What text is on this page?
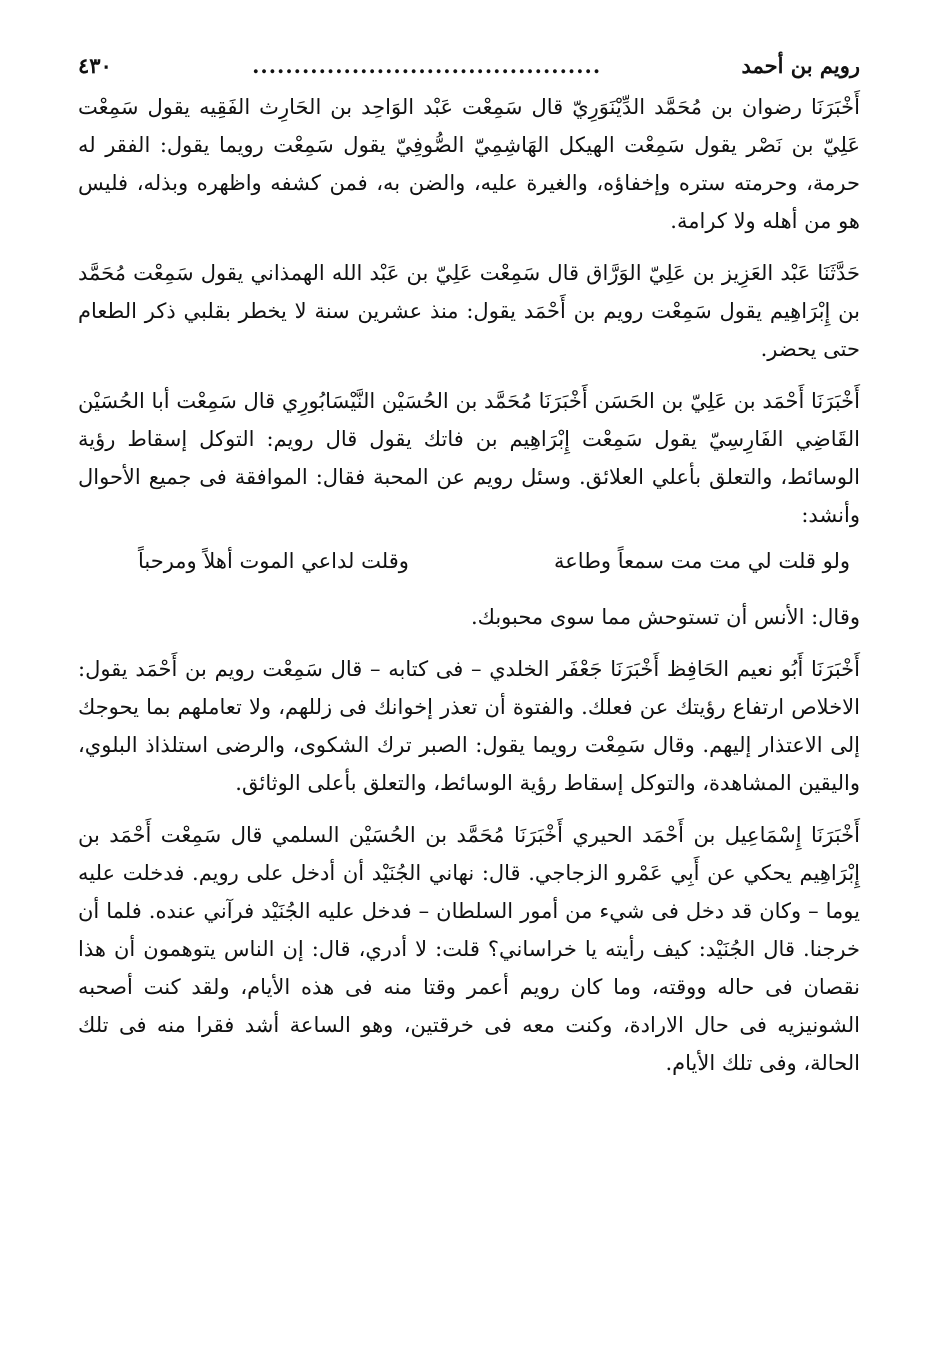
رويم بن أحمد
..........................................
٤٣٠

أَخْبَرَنَا رضوان بن مُحَمَّد الدِّيْنَوَرِيّ قال سَمِعْت عَبْد الوَاحِد بن الحَارِث الفَقِيه يقول سَمِعْت عَلِيّ بن نَصْر يقول سَمِعْت الهيكل الهَاشِمِيّ الصُّوفِيّ يقول سَمِعْت رويما يقول: الفقر له حرمة، وحرمته ستره وإخفاؤه، والغيرة عليه، والضن به، فمن كشفه واظهره وبذله، فليس هو من أهله ولا كرامة.

حَدَّثَنَا عَبْد العَزِيز بن عَلِيّ الوَرَّاق قال سَمِعْت عَلِيّ بن عَبْد الله الهمذاني يقول سَمِعْت مُحَمَّد بن إِبْرَاهِيم يقول سَمِعْت رويم بن أَحْمَد يقول: منذ عشرين سنة لا يخطر بقلبي ذكر الطعام حتى يحضر.

أَخْبَرَنَا أَحْمَد بن عَلِيّ بن الحَسَن أَخْبَرَنَا مُحَمَّد بن الحُسَيْن النَّيْسَابُورِي قال سَمِعْت أبا الحُسَيْن القَاضِي الفَارِسِيّ يقول سَمِعْت إِبْرَاهِيم بن فاتك يقول قال رويم: التوكل إسقاط رؤية الوسائط، والتعلق بأعلي العلائق. وسئل رويم عن المحبة فقال: الموافقة فى جميع الأحوال وأنشد:

ولو قلت لي مت مت سمعاً وطاعة
وقلت لداعي الموت أهلاً ومرحباً

وقال: الأنس أن تستوحش مما سوى محبوبك.

أَخْبَرَنَا أَبُو نعيم الحَافِظ أَخْبَرَنَا جَعْفَر الخلدي – فى كتابه – قال سَمِعْت رويم بن أَحْمَد يقول: الاخلاص ارتفاع رؤيتك عن فعلك. والفتوة أن تعذر إخوانك فى زللهم، ولا تعاملهم بما يحوجك إلى الاعتذار إليهم. وقال سَمِعْت رويما يقول: الصبر ترك الشكوى، والرضى استلذاذ البلوي، واليقين المشاهدة، والتوكل إسقاط رؤية الوسائط، والتعلق بأعلى الوثائق.

أَخْبَرَنَا إِسْمَاعِيل بن أَحْمَد الحيري أَخْبَرَنَا مُحَمَّد بن الحُسَيْن السلمي قال سَمِعْت أَحْمَد بن إِبْرَاهِيم يحكي عن أَبِي عَمْرو الزجاجي. قال: نهاني الجُنَيْد أن أدخل على رويم. فدخلت عليه يوما – وكان قد دخل فى شيء من أمور السلطان – فدخل عليه الجُنَيْد فرآني عنده. فلما أن خرجنا. قال الجُنَيْد: كيف رأيته يا خراساني؟ قلت: لا أدري، قال: إن الناس يتوهمون أن هذا نقصان فى حاله ووقته، وما كان رويم أعمر وقتا منه فى هذه الأيام، ولقد كنت أصحبه الشونيزيه فى حال الارادة، وكنت معه فى خرقتين، وهو الساعة أشد فقرا منه فى تلك الحالة، وفى تلك الأيام.
